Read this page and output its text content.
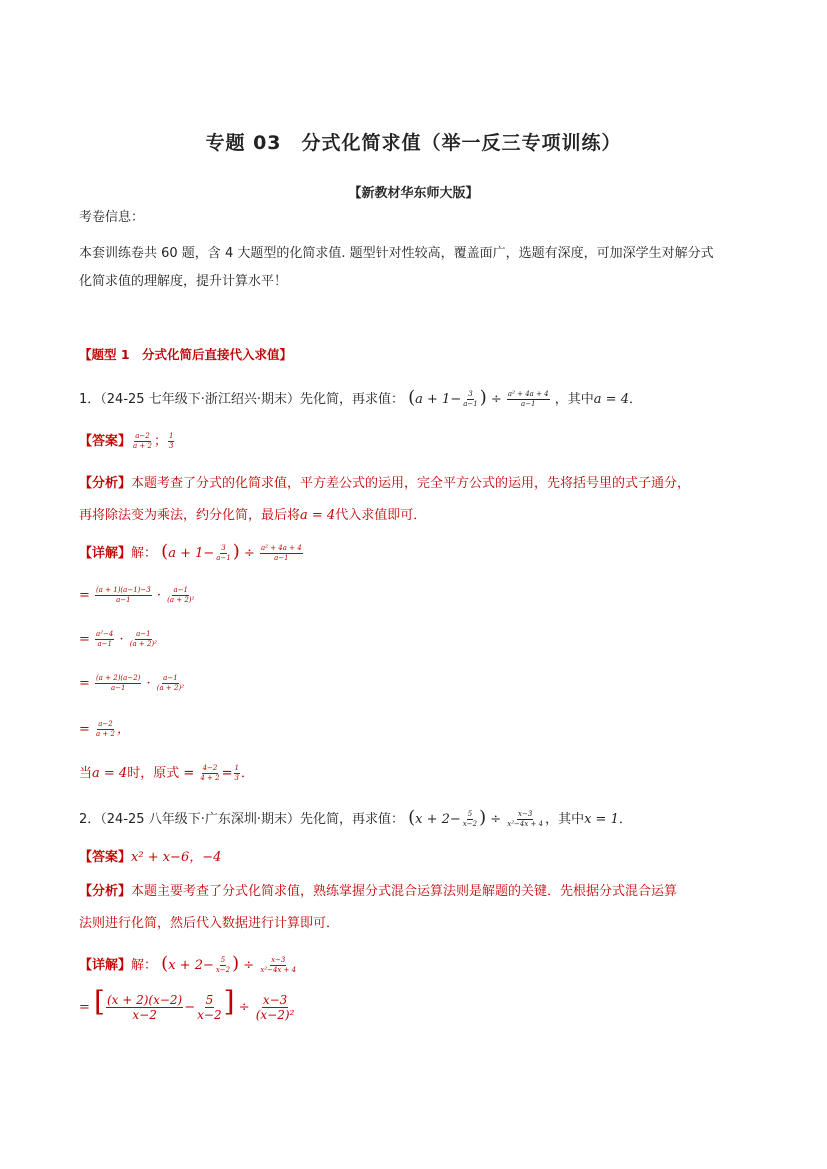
专题 03　分式化简求值（举一反三专项训练）
【新教材华东师大版】
考卷信息：
本套训练卷共 60 题，含 4 大题型的化简求值. 题型针对性较高，覆盖面广，选题有深度，可加深学生对解分式
化简求值的理解度，提升计算水平！
【题型 1　分式化简后直接代入求值】
1．（24-25 七年级下·浙江绍兴·期末）先化简，再求值： ($a + 1- \frac{3}{a-1}$ ) ÷ $\frac{\text{a² + 4a + 4}}{a-1}$ ，其中a = 4．
【答案】 $\frac{a-2}{a + 2}$ ； $\frac{1}{3}$
【分析】本题考查了分式的化简求值，平方差公式的运用，完全平方公式的运用，先将括号里的式子通分，
再将除法变为乘法，约分化简，最后将a = 4代入求值即可．
【详解】解： ($a + 1- \frac{3}{a-1}$ ) ÷ $\frac{\text{a² + 4a + 4}}{a-1}$
= $\frac{(a + 1)(a-1)-3}{a-1} \cdot \frac{a-1}{\text{(a + 2)²}}$
= $\frac{\text{a²−4}}{a-1} \cdot \frac{a-1}{\text{(a + 2)²}}$
= $\frac{(a + 2)(a-2)}{a-1} \cdot \frac{a-1}{\text{(a + 2)²}}$
= $\frac{a-2}{a + 2}$ ，
当a = 4时，原式 = $\frac{4-2}{4 + 2} = \frac{1}{3}$ ．
2．（24-25 八年级下·广东深圳·期末）先化简，再求值： ($x + 2- \frac{5}{x-2}$ ) ÷ $\frac{x-3}{\text{x²−4x + 4}}$ ，其中x = 1．
【答案】x² + x−6，−4
【分析】本题主要考查了分式化简求值，熟练掌握分式混合运算法则是解题的关键．先根据分式混合运算
法则进行化简，然后代入数据进行计算即可．
【详解】解： ($x + 2- \frac{5}{x-2}$ ) ÷ $\frac{x-3}{\text{x²−4x + 4}}$
= [ $\frac{(x + 2)(x-2)}{x-2} - \frac{5}{x-2}$ ] ÷ $\frac{x-3}{\text{(x−2)²}}$
